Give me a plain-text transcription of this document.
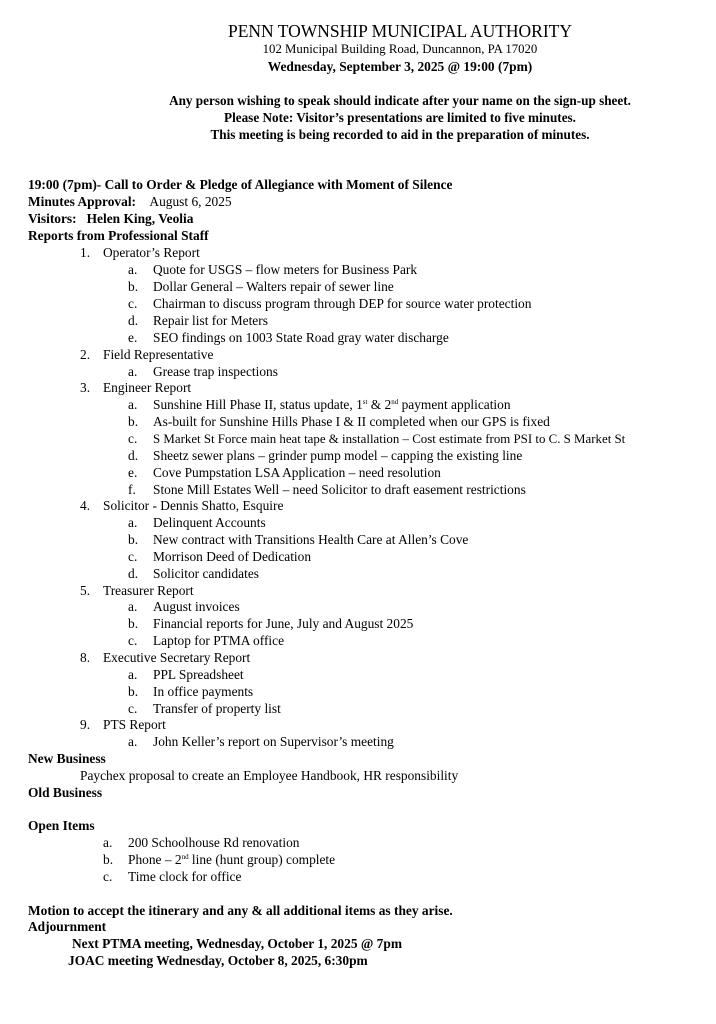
PENN TOWNSHIP MUNICIPAL AUTHORITY
102 Municipal Building Road, Duncannon, PA 17020
Wednesday, September 3, 2025 @ 19:00 (7pm)
Any person wishing to speak should indicate after your name on the sign-up sheet.
Please Note: Visitor’s presentations are limited to five minutes.
This meeting is being recorded to aid in the preparation of minutes.
19:00 (7pm)- Call to Order & Pledge of Allegiance with Moment of Silence
Minutes Approval: August 6, 2025
Visitors: Helen King, Veolia
Reports from Professional Staff
1. Operator’s Report
a. Quote for USGS – flow meters for Business Park
b. Dollar General – Walters repair of sewer line
c. Chairman to discuss program through DEP for source water protection
d. Repair list for Meters
e. SEO findings on 1003 State Road gray water discharge
2. Field Representative
a. Grease trap inspections
3. Engineer Report
a. Sunshine Hill Phase II, status update, 1st & 2nd payment application
b. As-built for Sunshine Hills Phase I & II completed when our GPS is fixed
c. S Market St Force main heat tape & installation – Cost estimate from PSI to C. S Market St
d. Sheetz sewer plans – grinder pump model – capping the existing line
e. Cove Pumpstation LSA Application – need resolution
f. Stone Mill Estates Well – need Solicitor to draft easement restrictions
4. Solicitor - Dennis Shatto, Esquire
a. Delinquent Accounts
b. New contract with Transitions Health Care at Allen’s Cove
c. Morrison Deed of Dedication
d. Solicitor candidates
5. Treasurer Report
a. August invoices
b. Financial reports for June, July and August 2025
c. Laptop for PTMA office
8. Executive Secretary Report
a. PPL Spreadsheet
b. In office payments
c. Transfer of property list
9. PTS Report
a. John Keller’s report on Supervisor’s meeting
New Business
Paychex proposal to create an Employee Handbook, HR responsibility
Old Business
Open Items
a. 200 Schoolhouse Rd renovation
b. Phone – 2nd line (hunt group) complete
c. Time clock for office
Motion to accept the itinerary and any & all additional items as they arise.
Adjournment
Next PTMA meeting, Wednesday, October 1, 2025 @ 7pm
JOAC meeting Wednesday, October 8, 2025, 6:30pm
